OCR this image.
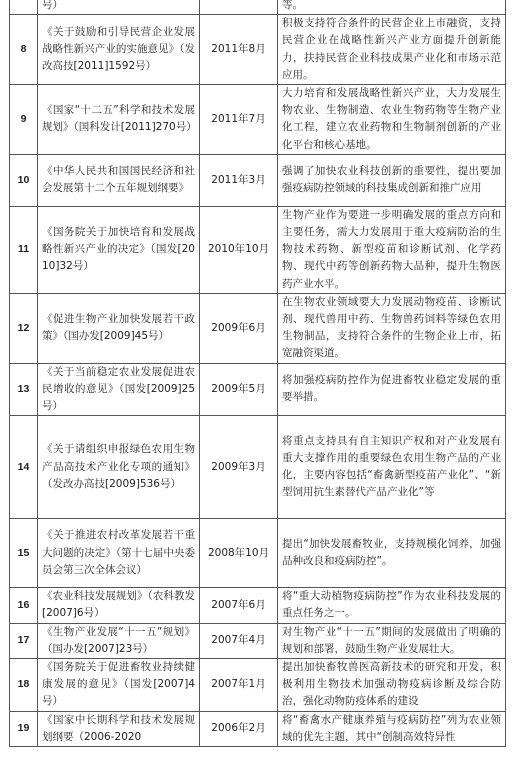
	号）		等。
8	《关于鼓励和引导民营企业发展战略性新兴产业的实施意见》（发改高技[2011]1592号）	2011年8月	积极支持符合条件的民营企业上市融资，支持民营企业在战略性新兴产业方面提升创新能力，扶持民营企业科技成果产业化和市场示范应用。
9	《国家“十二五”科学和技术发展规划》（国科发计[2011]270号）	2011年7月	大力培育和发展战略性新兴产业，大力发展生物农业、生物制造、农业生物药物等生物产业化工程，建立农业药物和生物制剂创新的产业化平台和核心基地。
10	《中华人民共和国国民经济和社会发展第十二个五年规划纲要》	2011年3月	强调了加快农业科技创新的重要性，提出要加强疫病防控领域的科技集成创新和推广应用
11	《国务院关于加快培育和发展战略性新兴产业的决定》（国发[2010]32号）	2010年10月	生物产业作为要进一步明确发展的重点方向和主要任务，需大力发展用于重大疫病防治的生物技术药物、新型疫苗和诊断试剂、化学药物、现代中药等创新药物大品种，提升生物医药产业水平。
12	《促进生物产业加快发展若干政策》（国办发[2009]45号）	2009年6月	在生物农业领域要大力发展动物疫苗、诊断试剂、现代兽用中药、生物兽药饲料等绿色农用生物制品，支持符合条件的生物企业上市，拓宽融资渠道。
13	《关于当前稳定农业发展促进农民增收的意见》（国发[2009]25号）	2009年5月	将加强疫病防控作为促进畜牧业稳定发展的重要举措。
14	《关于请组织申报绿色农用生物产品高技术产业化专项的通知》（发改办高技[2009]536号）	2009年3月	将重点支持具有自主知识产权和对产业发展有重大支撑作用的重要绿色农用生物产品的产业化，主要内容包括“畜禽新型疫苗产业化”、“新型饲用抗生素替代产品产业化”等
15	《关于推进农村改革发展若干重大问题的决定》（第十七届中央委员会第三次全体会议）	2008年10月	提出“加快发展畜牧业，支持规模化饲养，加强品种改良和疫病防控”。
16	《农业科技发展规划》（农科教发[2007]6号）	2007年6月	将“重大动植物疫病防控”作为农业科技发展的重点任务之一。
17	《生物产业发展“十一五”规划》（国办发[2007]23号）	2007年4月	对生物产业“十一五”期间的发展做出了明确的规划和部署，鼓励生物产业发展壮大。
18	《国务院关于促进畜牧业持续健康发展的意见》（国发[2007]4号）	2007年1月	提出加快畜牧兽医高新技术的研究和开发，积极利用生物技术加强动物疫病诊断及综合防治，强化动物防疫体系的建设
19	《国家中长期科学和技术发展规划纲要（2006-2020	2006年2月	将“畜禽水产健康养殖与疫病防控”列为农业领域的优先主题，其中“创制高效特异性
